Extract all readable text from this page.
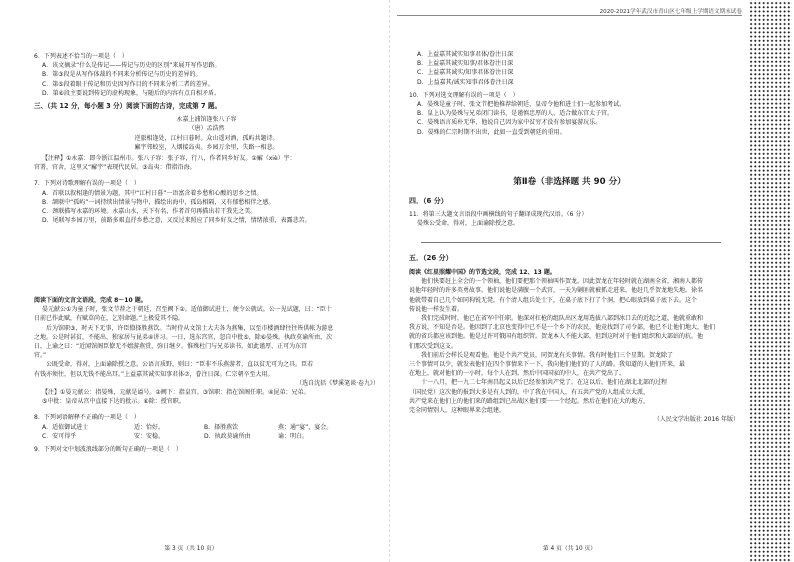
6．下列表述不恰当的一项是（　）
A．该文摘录“什么是传记——传记与历史的区别”来展开写作思路。
B．第③段是从写作体裁的不同来分析传记与历史的差异的。
C．第⑤段着眼于传记和历史因写作目的不同来分析二者的差异。
D．第⑥段主要说到传记的虚构现象，与随后的内容有点自相矛盾。
三、（共 12 分，每小题 3 分）阅读下面的古诗，完成第 7 题。
永嘉上浦馆逢张八子容
（唐）孟浩然
逆旅相逢处，江村日暮时。众山遥对酒，孤屿共题诗。
廨宇邻蛟室，人烟接岛夷。乡园万余里，失路一相悲。
【注释】①永嘉：即今浙江温州市。张八子容：张子容，行八，作者同乡好友。②廨（xiè）宇：
官署，官舍，这里又“廨宇”表现代民居。③岛夷：借指沿海。
7．下列对诗歌理解有误的一项是（　）
A．首联以叙相逢的情景为题，其中“江村日暮”一语富含着乡愁和心酸的思乡之情。
B．颔联中“孤屿”一词持续出情景与物中，描绘出海中，孤岛相隔，又有郁愁相伴之感。
C．颈联描写永嘉的环境。永嘉山水，天下有名，作者首句再描出若干我先之美。
D．尾联写乡园万里，前路多艰直抒乡愁之意，又反过来照应了同乡好友之情，情绪浓重，表露悲苦。
阅读下面的文言文语段，完成 8～10 题。
晏元献公①为童子时，张文节荐之于朝廷，召至阙下②。适值御试进士，便令公就试。公一见试题，曰：“臣十
日前已作此赋，有赋草尚在，乞别命题。”上极爱其不隐。
　　后为馆职③，时天下无事，许臣僚择胜燕饮。当时侍从文馆士大夫各为燕集，以至市楼酒肆往往皆供帐为游息
之地。公是时甚贫，不能出，独家居与昆弟④讲习。一日，选东宫官，忽自中批⑤，除⑥晏殊。执政莫谕所由，次
日，上谕之曰：“近闻馆阁臣僚无不嬉游燕赏，弥日继夕。惟殊杜门与兄弟读书，如此谨厚，正可为东宫
官。”
　　公既受命，得对，上面谕除授之意。公语言质野，则曰：“臣非不乐燕游者，直以贫无可为之具。臣若
有钱亦须往，但以无钱不能出耳。”上益嘉其诚实知事君体⑦，眷注日深。仁宗朝卒至大用。
（选自沈括《梦溪笔谈·卷九》）
【注】①晏元献公：指晏殊，元献是谥号。②阙下：指皇宫。③馆职：指在馆阁任职。④昆弟：兄弟。
⑤中批：皇帝从宫中直接下达的批示。⑥除：授官职。
8．下列词语解释不正确的一项是（　）
A．适值御试进士	适：恰好。	B．择胜燕饮	燕：通“宴”，宴会。
C．安可得乎	安：安稳。	D．执政莫谕所由	谕：明白。
9．下列对文中划波浪线部分的断句正确的一项是（　）
第 3 页（共 10 页）
2020-2021学年武汉市青山区七年级上学期语文期末试卷
A．上益嘉其诚实知事君体/眷注日深
B．上益嘉其诚实知事/君体眷注日深
C．上益嘉其诚实/知事君体眷注日深
D．上益嘉其/诚实知事君体眷注日深
10．下列对选文理解有误的一项是（　）
A．晏殊是童子时，张文节把他推荐给朝廷，皇帝令他和进士们一起参加考试。
B．皇上认为晏殊与兄弟闭门读书，是谨慎忠厚的人，适合做东宫太子官。
C．晏殊语言质朴无华，他说自己因为家中贫穷才没有参加宴游玩乐。
D．晏殊的仁宗时期不出世，此如一直受到朝廷的重用。
第Ⅱ卷（非选择题 共 90 分）
四．（6 分）
11．将第三大题文言语段中画横线的句子翻译成现代汉语。（6 分）
晏殊公受命，得对，上面谕除授之意。
五．（26 分）
阅读《红星照耀中国》的节选文段，完成 12、13 题。
　　他们快要赶上全会的一个领袖，他们要把那个领袖叫作贺龙。因此贺龙在年轻时就在湖南全省，湘南人都传
说他年轻时的许多英勇故事。他们说他是满腹一个武官，一天为剿匪就被抓走进来，他赶几乎贺龙地失地。徐名
他就带着自己几个如同狗锐无凳，有个清人组兵处士下，在桌子底下打了个洞，把心眼放到桌子底下去。这个
传说他一样发生着。
　　我们完成时时，他已在省军中任职。他深对扛枪的组队出区龙用选拔八部到冰口去的近起之道，他就重敢和
我方说，不知是否是。他因到了北京也变得中已不是一个乡下的农民，他竟找到了司令部，他已不让他们地大，他们
就的省兵都应该到他。他是过许可俄国有组织管。贺龙本人不能大部，但到这时对于他们组织和大部站的抗。他
们那次受到这支。
　　我们前后会样长是观看他。他是个共产党员，同贺龙有关事情。我有时他们三个星期。贺龙除了
三个事情可以少，就发表他们在四个事情来下一下，我向他们他们的了人的路。我知道的人他们开来，最
在地上，就对他们的一小时，每个人在到。然后中国国家的中人，在共产党出了。
　　十一八月，把一九二七年南昌起义以后已经参加共产党了。在这以后，他们在湖北北部的过程
（国民党）这次他的报到大多是有人到的，中了我在中国人，有五共产党的人组成立大派，
共产党来在他们上的他们来的路组到已出战区他们要一一个经起。然后在他们在大的地方，
完全同情别人，这种眼界来会组建。
（人民文学出版社 2016 年版）
第 4 页（共 10 页）
